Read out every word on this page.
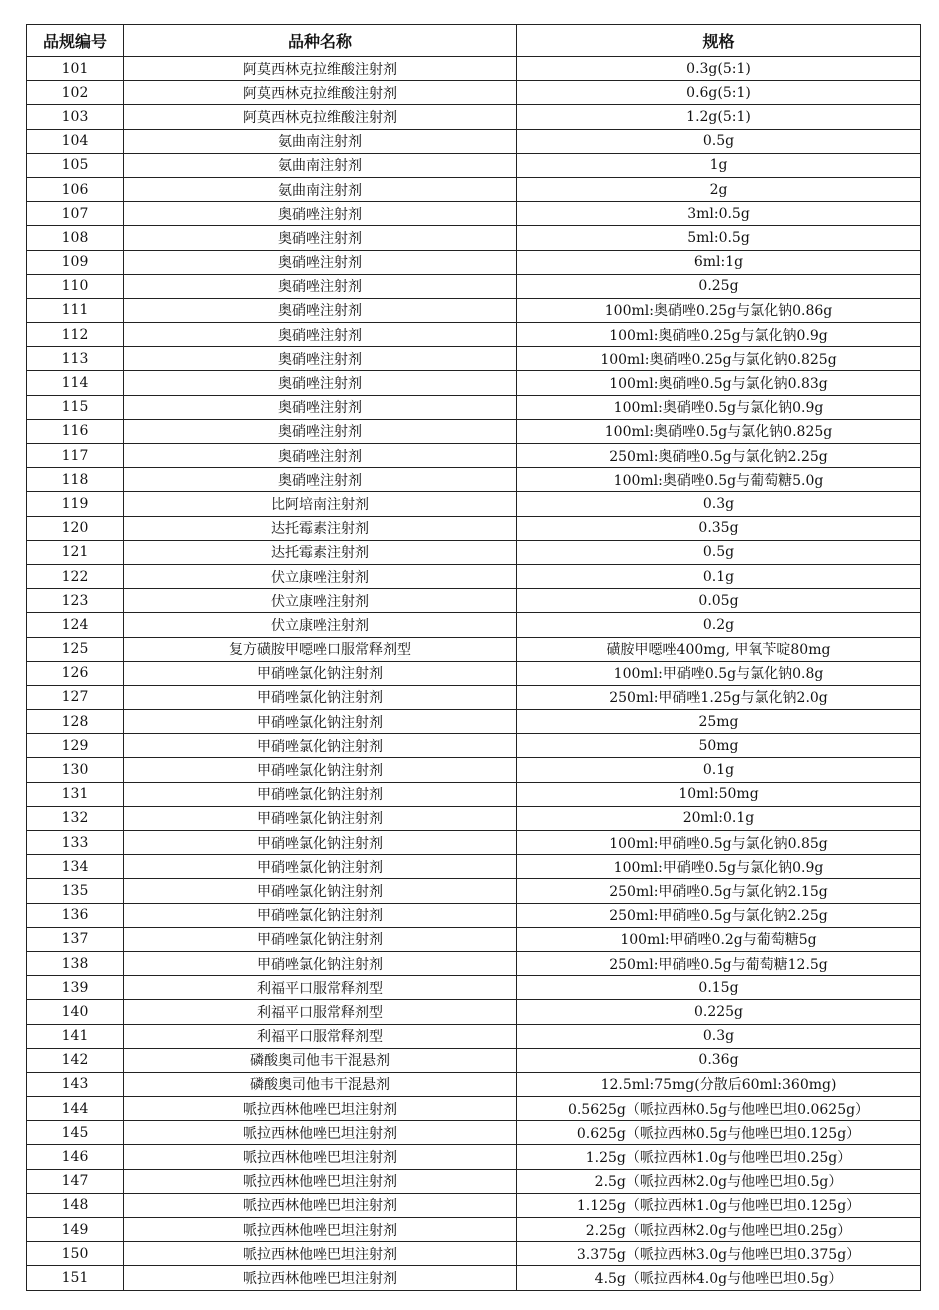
品规编号	品种名称	规格
101	阿莫西林克拉维酸注射剂	0.3g(5:1)
102	阿莫西林克拉维酸注射剂	0.6g(5:1)
103	阿莫西林克拉维酸注射剂	1.2g(5:1)
104	氨曲南注射剂	0.5g
105	氨曲南注射剂	1g
106	氨曲南注射剂	2g
107	奥硝唑注射剂	3ml:0.5g
108	奥硝唑注射剂	5ml:0.5g
109	奥硝唑注射剂	6ml:1g
110	奥硝唑注射剂	0.25g
111	奥硝唑注射剂	100ml:奥硝唑0.25g与氯化钠0.86g
112	奥硝唑注射剂	100ml:奥硝唑0.25g与氯化钠0.9g
113	奥硝唑注射剂	100ml:奥硝唑0.25g与氯化钠0.825g
114	奥硝唑注射剂	100ml:奥硝唑0.5g与氯化钠0.83g
115	奥硝唑注射剂	100ml:奥硝唑0.5g与氯化钠0.9g
116	奥硝唑注射剂	100ml:奥硝唑0.5g与氯化钠0.825g
117	奥硝唑注射剂	250ml:奥硝唑0.5g与氯化钠2.25g
118	奥硝唑注射剂	100ml:奥硝唑0.5g与葡萄糖5.0g
119	比阿培南注射剂	0.3g
120	达托霉素注射剂	0.35g
121	达托霉素注射剂	0.5g
122	伏立康唑注射剂	0.1g
123	伏立康唑注射剂	0.05g
124	伏立康唑注射剂	0.2g
125	复方磺胺甲噁唑口服常释剂型	磺胺甲噁唑400mg, 甲氧苄啶80mg
126	甲硝唑氯化钠注射剂	100ml:甲硝唑0.5g与氯化钠0.8g
127	甲硝唑氯化钠注射剂	250ml:甲硝唑1.25g与氯化钠2.0g
128	甲硝唑氯化钠注射剂	25mg
129	甲硝唑氯化钠注射剂	50mg
130	甲硝唑氯化钠注射剂	0.1g
131	甲硝唑氯化钠注射剂	10ml:50mg
132	甲硝唑氯化钠注射剂	20ml:0.1g
133	甲硝唑氯化钠注射剂	100ml:甲硝唑0.5g与氯化钠0.85g
134	甲硝唑氯化钠注射剂	100ml:甲硝唑0.5g与氯化钠0.9g
135	甲硝唑氯化钠注射剂	250ml:甲硝唑0.5g与氯化钠2.15g
136	甲硝唑氯化钠注射剂	250ml:甲硝唑0.5g与氯化钠2.25g
137	甲硝唑氯化钠注射剂	100ml:甲硝唑0.2g与葡萄糖5g
138	甲硝唑氯化钠注射剂	250ml:甲硝唑0.5g与葡萄糖12.5g
139	利福平口服常释剂型	0.15g
140	利福平口服常释剂型	0.225g
141	利福平口服常释剂型	0.3g
142	磷酸奥司他韦干混悬剂	0.36g
143	磷酸奥司他韦干混悬剂	12.5ml:75mg(分散后60ml:360mg)
144	哌拉西林他唑巴坦注射剂	0.5625g（哌拉西林0.5g与他唑巴坦0.0625g）
145	哌拉西林他唑巴坦注射剂	0.625g（哌拉西林0.5g与他唑巴坦0.125g）
146	哌拉西林他唑巴坦注射剂	1.25g（哌拉西林1.0g与他唑巴坦0.25g）
147	哌拉西林他唑巴坦注射剂	2.5g（哌拉西林2.0g与他唑巴坦0.5g）
148	哌拉西林他唑巴坦注射剂	1.125g（哌拉西林1.0g与他唑巴坦0.125g）
149	哌拉西林他唑巴坦注射剂	2.25g（哌拉西林2.0g与他唑巴坦0.25g）
150	哌拉西林他唑巴坦注射剂	3.375g（哌拉西林3.0g与他唑巴坦0.375g）
151	哌拉西林他唑巴坦注射剂	4.5g（哌拉西林4.0g与他唑巴坦0.5g）
